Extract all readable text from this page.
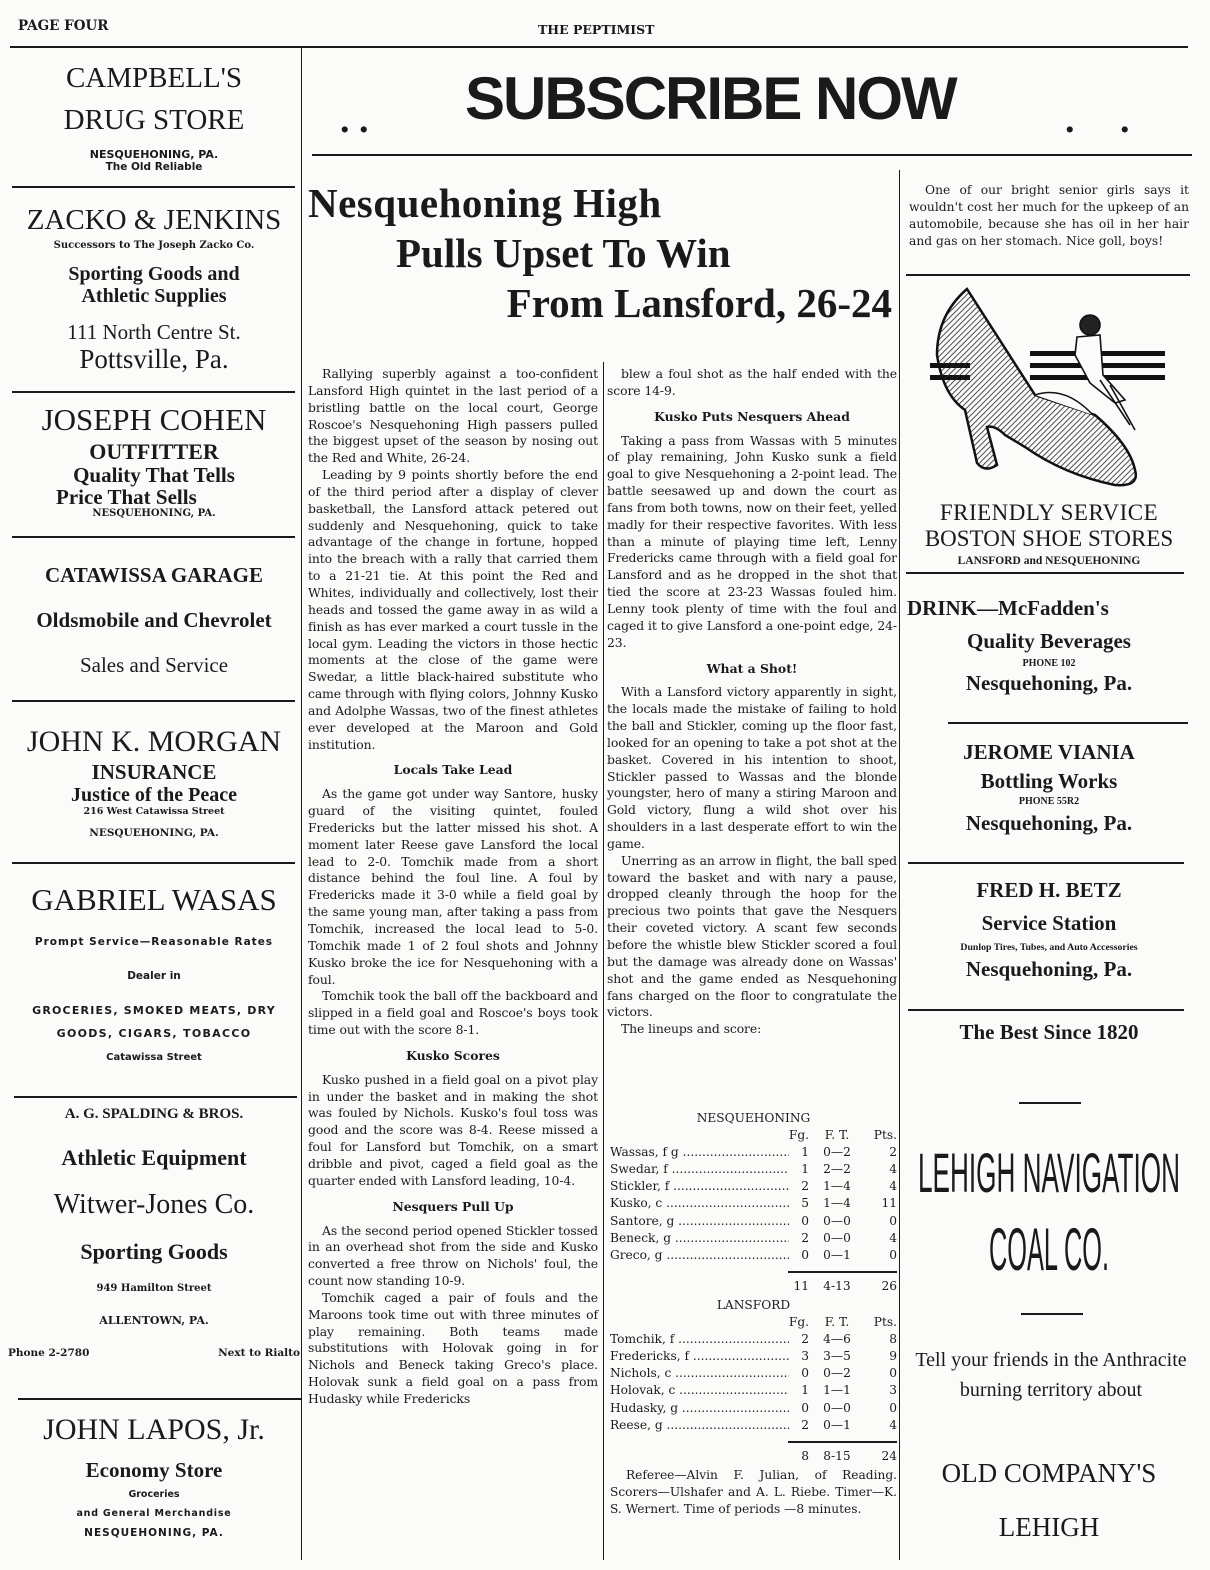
PAGE FOUR	THE PEPTIMIST
. . SUBSCRIBE NOW	. .
CAMPBELL'S
DRUG STORE
NESQUEHONING, PA.
The Old Reliable
ZACKO & JENKINS
Successors to The Joseph Zacko Co.
Sporting Goods and
Athletic Supplies
111 North Centre St.
Pottsville, Pa.
JOSEPH COHEN
OUTFITTER
Quality That Tells
Price That Sells
NESQUEHONING, PA.
CATAWISSA GARAGE
Oldsmobile and Chevrolet
Sales and Service
JOHN K. MORGAN
INSURANCE
Justice of the Peace
216 West Catawissa Street
NESQUEHONING, PA.
GABRIEL WASAS
Prompt Service—Reasonable Rates
Dealer in
GROCERIES, SMOKED MEATS, DRY
GOODS, CIGARS, TOBACCO
Catawissa Street
A. G. SPALDING & BROS.
Athletic Equipment
Witwer-Jones Co.
Sporting Goods
949 Hamilton Street
ALLENTOWN, PA.
Phone 2-2780	Next to Rialto
JOHN LAPOS, Jr.
Economy Store
Groceries
and General Merchandise
NESQUEHONING, PA.
Nesquehoning High
Pulls Upset To Win
From Lansford, 26-24

Rallying superbly against a too-confident Lansford High quintet in the last period of a bristling battle on the local court, George Roscoe's Nesquehoning High passers pulled the biggest upset of the season by nosing out the Red and White, 26-24.

Leading by 9 points shortly before the end of the third period after a display of clever basketball, the Lansford attack petered out suddenly and Nesquehoning, quick to take advantage of the change in fortune, hopped into the breach with a rally that carried them to a 21-21 tie. At this point the Red and Whites, individually and collectively, lost their heads and tossed the game away in as wild a finish as has ever marked a court tussle in the local gym. Leading the victors in those hectic moments at the close of the game were Swedar, a little black-haired substitute who came through with flying colors, Johnny Kusko and Adolphe Wassas, two of the finest athletes ever developed at the Maroon and Gold institution.

Locals Take Lead

As the game got under way Santore, husky guard of the visiting quintet, fouled Fredericks but the latter missed his shot. A moment later Reese gave Lansford the local lead to 2-0. Tomchik made from a short distance behind the foul line. A foul by Fredericks made it 3-0 while a field goal by the same young man, after taking a pass from Tomchik, increased the local lead to 5-0. Tomchik made 1 of 2 foul shots and Johnny Kusko broke the ice for Nesquehoning with a foul.

Tomchik took the ball off the backboard and slipped in a field goal and Roscoe's boys took time out with the score 8-1.

Kusko Scores

Kusko pushed in a field goal on a pivot play in under the basket and in making the shot was fouled by Nichols. Kusko's foul toss was good and the score was 8-4. Reese missed a foul for Lansford but Tomchik, on a smart dribble and pivot, caged a field goal as the quarter ended with Lansford leading, 10-4.

Nesquers Pull Up

As the second period opened Stickler tossed in an overhead shot from the side and Kusko converted a free throw on Nichols' foul, the count now standing 10-9.

Tomchik caged a pair of fouls and the Maroons took time out with three minutes of play remaining. Both teams made substitutions with Holovak going in for Nichols and Beneck taking Greco's place. Holovak sunk a field goal on a pass from Hudasky while Fredericks

blew a foul shot as the half ended with the score 14-9.

Kusko Puts Nesquers Ahead

Taking a pass from Wassas with 5 minutes of play remaining, John Kusko sunk a field goal to give Nesquehoning a 2-point lead. The battle seesawed up and down the court as fans from both towns, now on their feet, yelled madly for their respective favorites. With less than a minute of playing time left, Lenny Fredericks came through with a field goal for Lansford and as he dropped in the shot that tied the score at 23-23 Wassas fouled him. Lenny took plenty of time with the foul and caged it to give Lansford a one-point edge, 24-23.

What a Shot!

With a Lansford victory apparently in sight, the locals made the mistake of failing to hold the ball and Stickler, coming up the floor fast, looked for an opening to take a pot shot at the basket. Covered in his intention to shoot, Stickler passed to Wassas and the blonde youngster, hero of many a stiring Maroon and Gold victory, flung a wild shot over his shoulders in a last desperate effort to win the game.

Unerring as an arrow in flight, the ball sped toward the basket and with nary a pause, dropped cleanly through the hoop for the precious two points that gave the Nesquers their coveted victory. A scant few seconds before the whistle blew Stickler scored a foul but the damage was already done on Wassas' shot and the game ended as Nesquehoning fans charged on the floor to congratulate the victors.

The lineups and score:

NESQUEHONING
Fg.	F. T.	Pts.
Wassas, f g .....	1	0—2	2
Swedar, f .....	1	2—2	4
Stickler, f .....	2	1—4	4
Kusko, c .....	5	1—4	11
Santore, g .....	0	0—0	0
Beneck, g .....	2	0—0	4
Greco, g .....	0	0—1	0
11	4-13	26
LANSFORD
Fg.	F. T.	Pts.
Tomchik, f .....	2	4—6	8
Fredericks, f .....	3	3—5	9
Nichols, c .....	0	0—2	0
Holovak, c .....	1	1—1	3
Hudasky, g .....	0	0—0	0
Reese, g .....	2	0—1	4
8	8-15	24

Referee—Alvin F. Julian, of Reading. Scorers—Ulshafer and A. L. Riebe. Timer—K. S. Wernert. Time of periods —8 minutes.

One of our bright senior girls says it wouldn't cost her much for the upkeep of an automobile, because she has oil in her hair and gas on her stomach. Nice goll, boys!
FRIENDLY SERVICE
BOSTON SHOE STORES
LANSFORD and NESQUEHONING
DRINK—McFadden's
Quality Beverages
PHONE 102
Nesquehoning, Pa.
JEROME VIANIA
Bottling Works
PHONE 55R2
Nesquehoning, Pa.
FRED H. BETZ
Service Station
Dunlop Tires, Tubes, and Auto Accessories
Nesquehoning, Pa.
The Best Since 1820
LEHIGH NAVIGATION
COAL CO.
Tell your friends in the Anthracite burning territory about
OLD COMPANY'S
LEHIGH
